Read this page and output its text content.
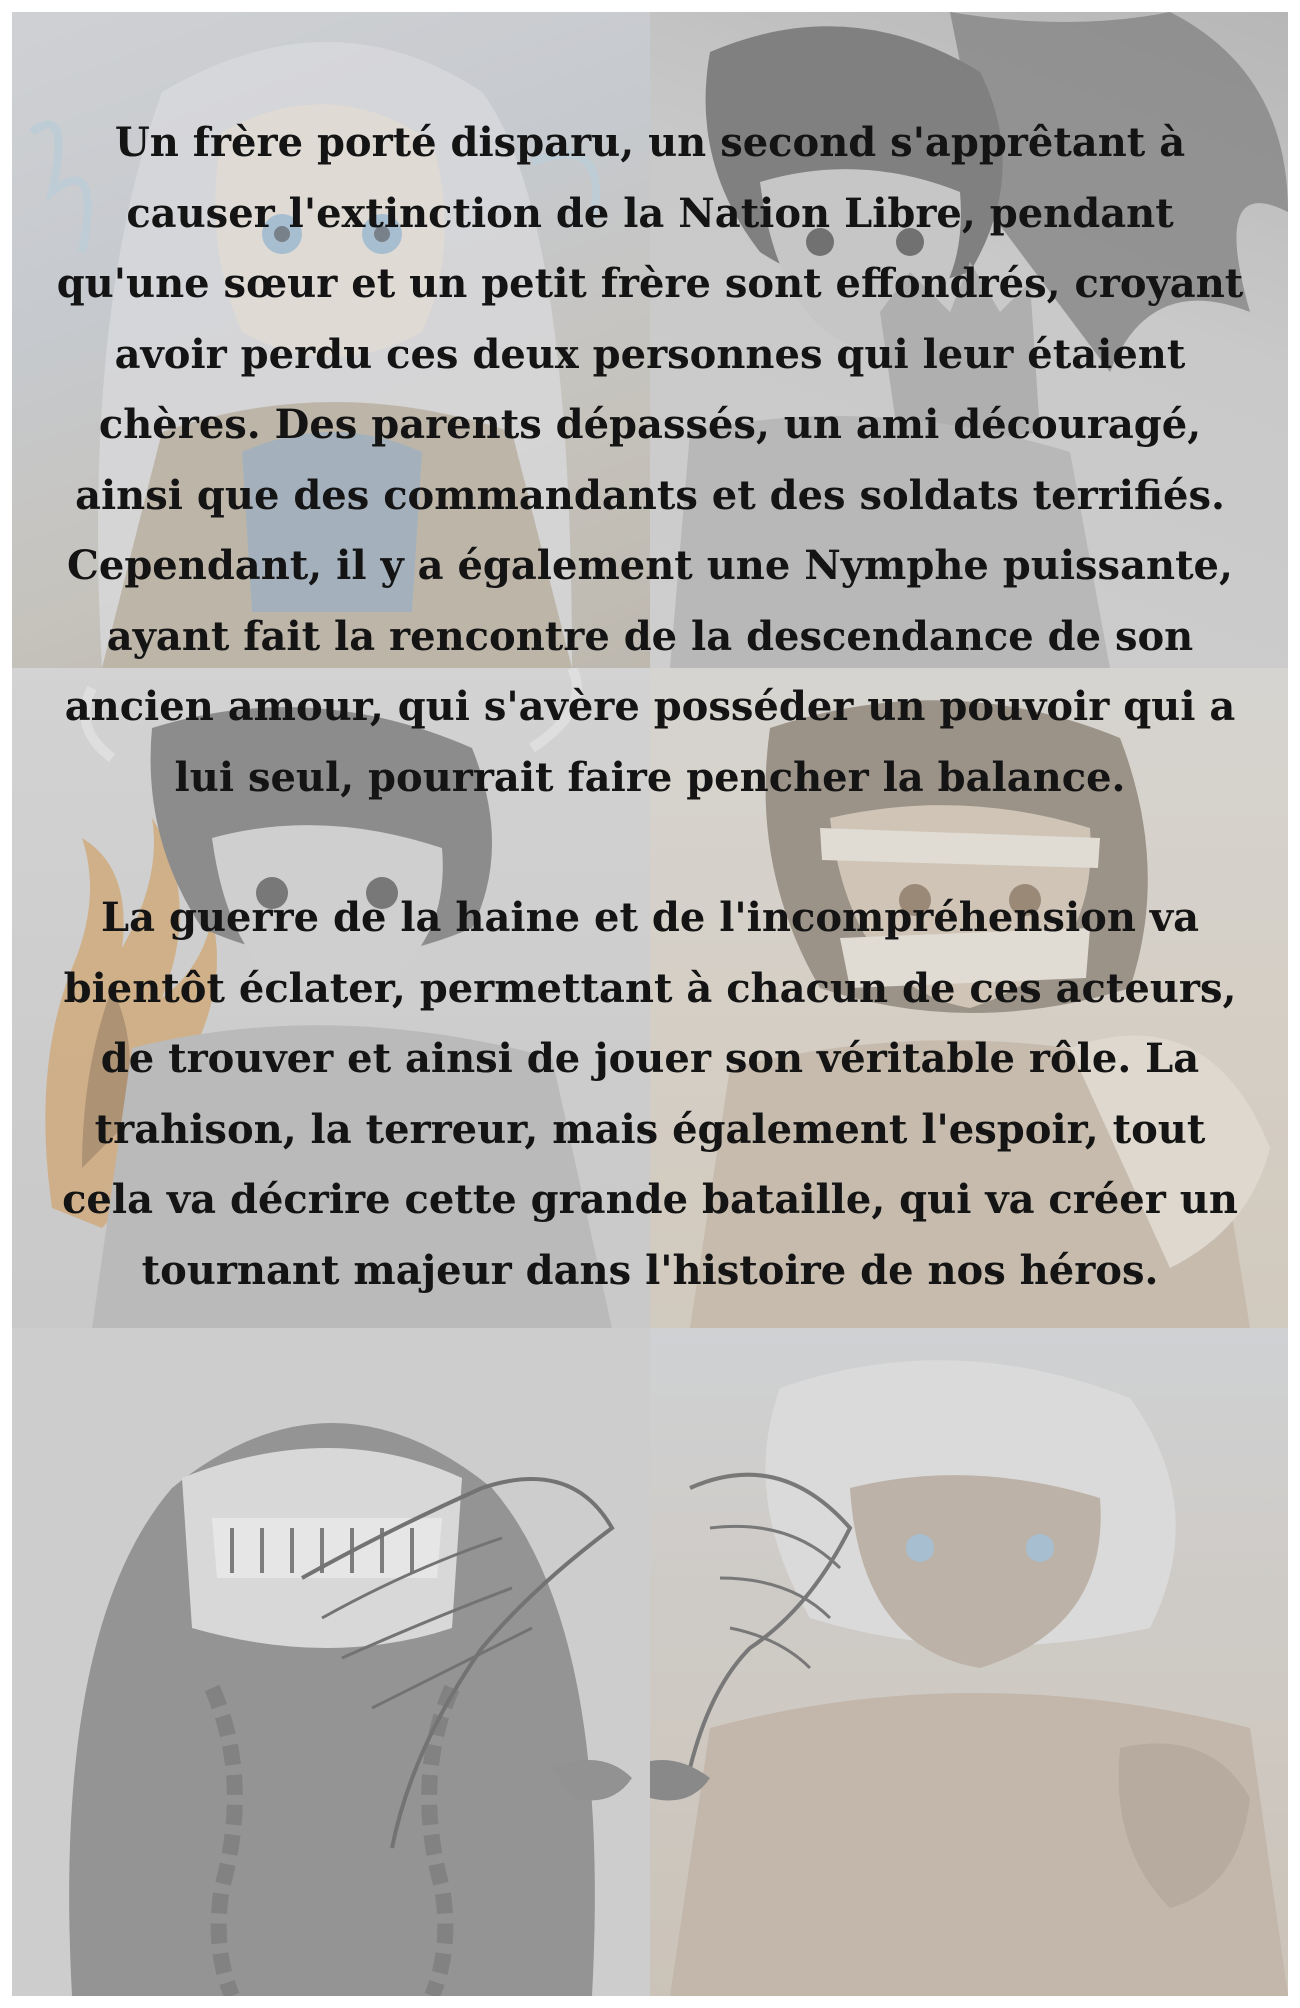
Un frère porté disparu, un second s'apprêtant à causer l'extinction de la Nation Libre, pendant qu'une sœur et un petit frère sont effondrés, croyant avoir perdu ces deux personnes qui leur étaient chères. Des parents dépassés, un ami découragé, ainsi que des commandants et des soldats terrifiés. Cependant, il y a également une Nymphe puissante, ayant fait la rencontre de la descendance de son ancien amour, qui s'avère posséder un pouvoir qui a lui seul, pourrait faire pencher la balance.

La guerre de la haine et de l'incompréhension va bientôt éclater, permettant à chacun de ces acteurs, de trouver et ainsi de jouer son véritable rôle. La trahison, la terreur, mais également l'espoir, tout cela va décrire cette grande bataille, qui va créer un tournant majeur dans l'histoire de nos héros.
